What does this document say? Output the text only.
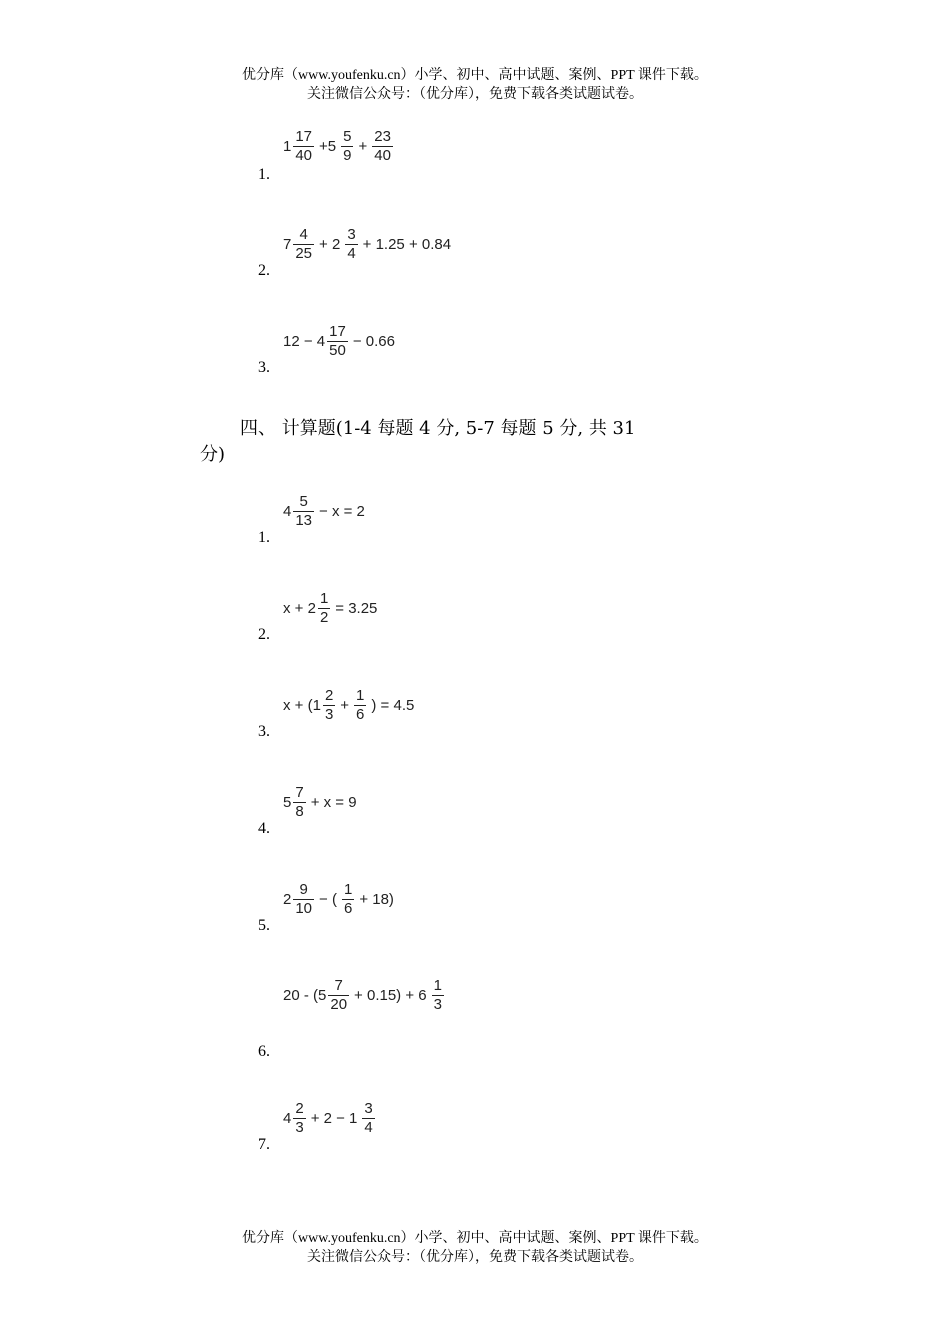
优分库（www.youfenku.cn）小学、初中、高中试题、案例、PPT 课件下载。
关注微信公众号：（优分库），免费下载各类试题试卷。
1.
$1 \frac{17}{40} +5 \frac{5}{9} + \frac{23}{40}$
2.
$7 \frac{4}{25} + 2 \frac{3}{4} + 1.25 + 0.84$
3.
$12 - 4 \frac{17}{50} - 0.66$
四、 计算题(1-4 每题 4 分, 5-7 每题 5 分, 共 31
分)
1.
$4 \frac{5}{13} - x = 2$
2.
$x + 2 \frac{1}{2} = 3.25$
3.
$x + (1 \frac{2}{3} + \frac{1}{6}$ ) = 4.5
4.
$5 \frac{7}{8} + x = 9$
5.
$2 \frac{9}{10}$ − ( $\frac{1}{6} + 18$)
6.
$20 - (5 \frac{7}{20} + 0.15) + 6 \frac{1}{3}$
7.
$4 \frac{2}{3} + 2 - 1 \frac{3}{4}$
优分库（www.youfenku.cn）小学、初中、高中试题、案例、PPT 课件下载。
关注微信公众号：（优分库），免费下载各类试题试卷。
